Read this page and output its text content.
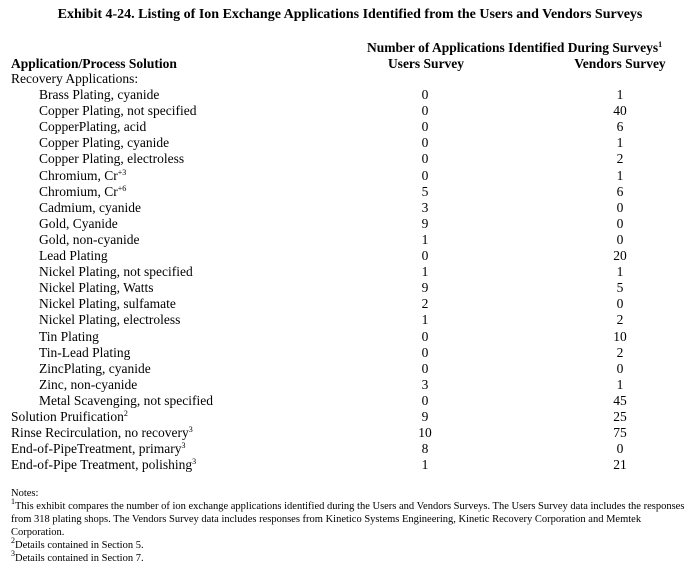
Exhibit 4-24. Listing of Ion Exchange Applications Identified from the Users and Vendors Surveys
Number of Applications Identified During Surveys$^1$
Application/Process Solution	Users Survey	Vendors Survey
Recovery Applications:
Brass Plating, cyanide	0	1
Copper Plating, not specified	0	40
CopperPlating, acid	0	6
Copper Plating, cyanide	0	1
Copper Plating, electroless	0	2
Chromium, $Cr^{+3}$	0	1
Chromium, $Cr^{+6}$	5	6
Cadmium, cyanide	3	0
Gold, Cyanide	9	0
Gold, non-cyanide	1	0
Lead Plating	0	20
Nickel Plating, not specified	1	1
Nickel Plating, Watts	9	5
Nickel Plating, sulfamate	2	0
Nickel Plating, electroless	1	2
Tin Plating	0	10
Tin-Lead Plating	0	2
ZincPlating, cyanide	0	0
Zinc, non-cyanide	3	1
Metal Scavenging, not specified	0	45
Solution Pruification$^2$	9	25
Rinse Recirculation, no recovery$^3$	10	75
End-of-PipeTreatment, primary$^3$	8	0
End-of-Pipe Treatment, polishing$^3$	1	21
Notes:
$^1$This exhibit compares the number of ion exchange applications identified during the Users and Vendors Surveys. The Users Survey data includes the responses from 318 plating shops. The Vendors Survey data includes responses from Kinetico Systems Engineering, Kinetic Recovery Corporation and Memtek Corporation.
$^2$Details contained in Section 5.
$^3$Details contained in Section 7.
